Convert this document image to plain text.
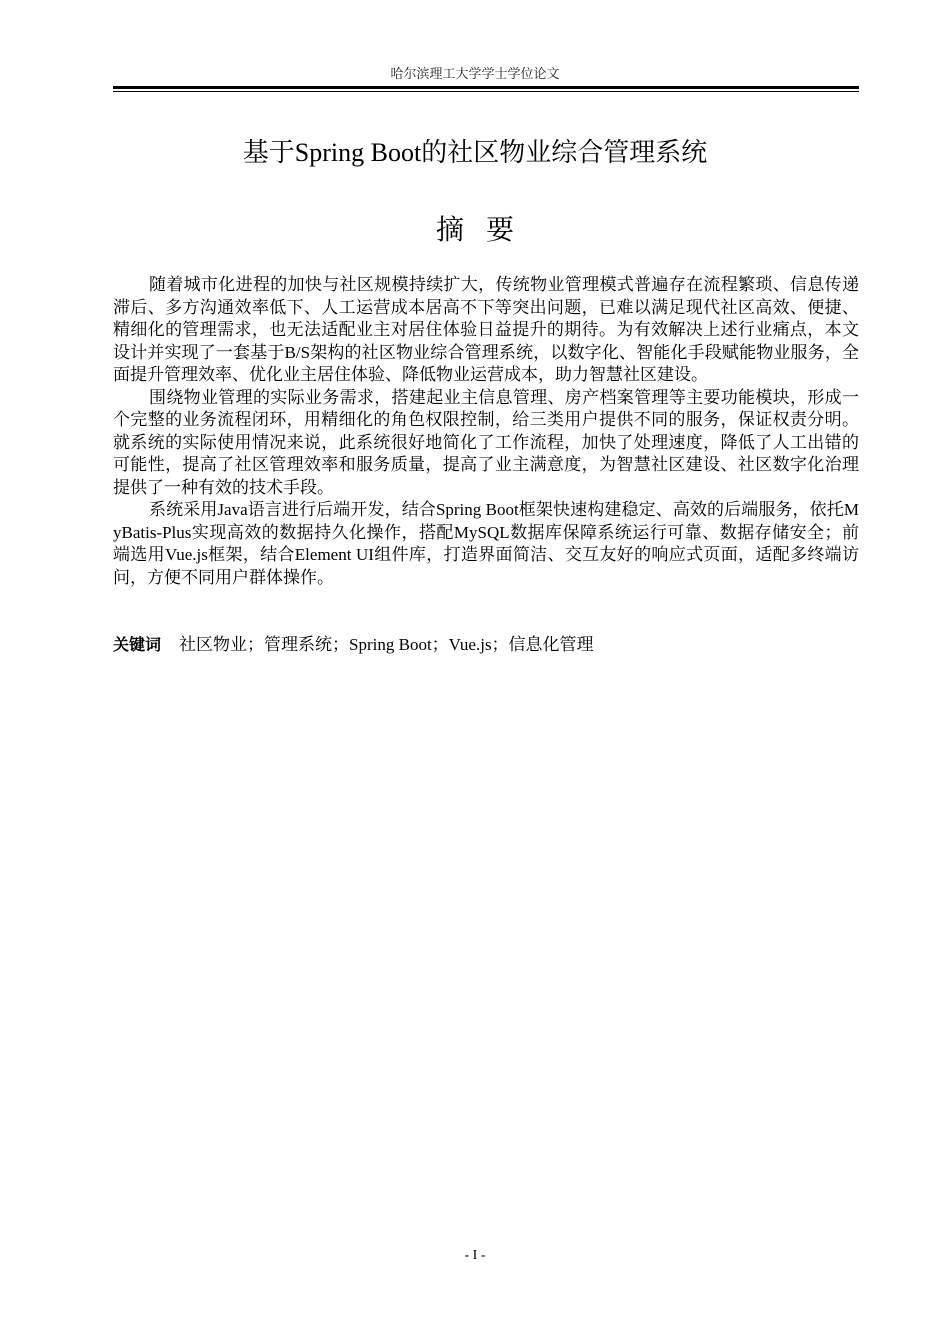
哈尔滨理工大学学士学位论文
基于Spring Boot的社区物业综合管理系统
摘要

随着城市化进程的加快与社区规模持续扩大，传统物业管理模式普遍存在流程繁琐、信息传递滞后、多方沟通效率低下、人工运营成本居高不下等突出问题，已难以满足现代社区高效、便捷、精细化的管理需求，也无法适配业主对居住体验日益提升的期待。为有效解决上述行业痛点，本文设计并实现了一套基于B/S架构的社区物业综合管理系统，以数字化、智能化手段赋能物业服务，全面提升管理效率、优化业主居住体验、降低物业运营成本，助力智慧社区建设。

围绕物业管理的实际业务需求，搭建起业主信息管理、房产档案管理等主要功能模块，形成一个完整的业务流程闭环，用精细化的角色权限控制，给三类用户提供不同的服务，保证权责分明。就系统的实际使用情况来说，此系统很好地简化了工作流程，加快了处理速度，降低了人工出错的可能性，提高了社区管理效率和服务质量，提高了业主满意度，为智慧社区建设、社区数字化治理提供了一种有效的技术手段。

系统采用Java语言进行后端开发，结合Spring Boot框架快速构建稳定、高效的后端服务，依托MyBatis-Plus实现高效的数据持久化操作，搭配MySQL数据库保障系统运行可靠、数据存储安全；前端选用Vue.js框架，结合Element UI组件库，打造界面简洁、交互友好的响应式页面，适配多终端访问，方便不同用户群体操作。

关键词 社区物业；管理系统；Spring Boot；Vue.js；信息化管理
- I -
